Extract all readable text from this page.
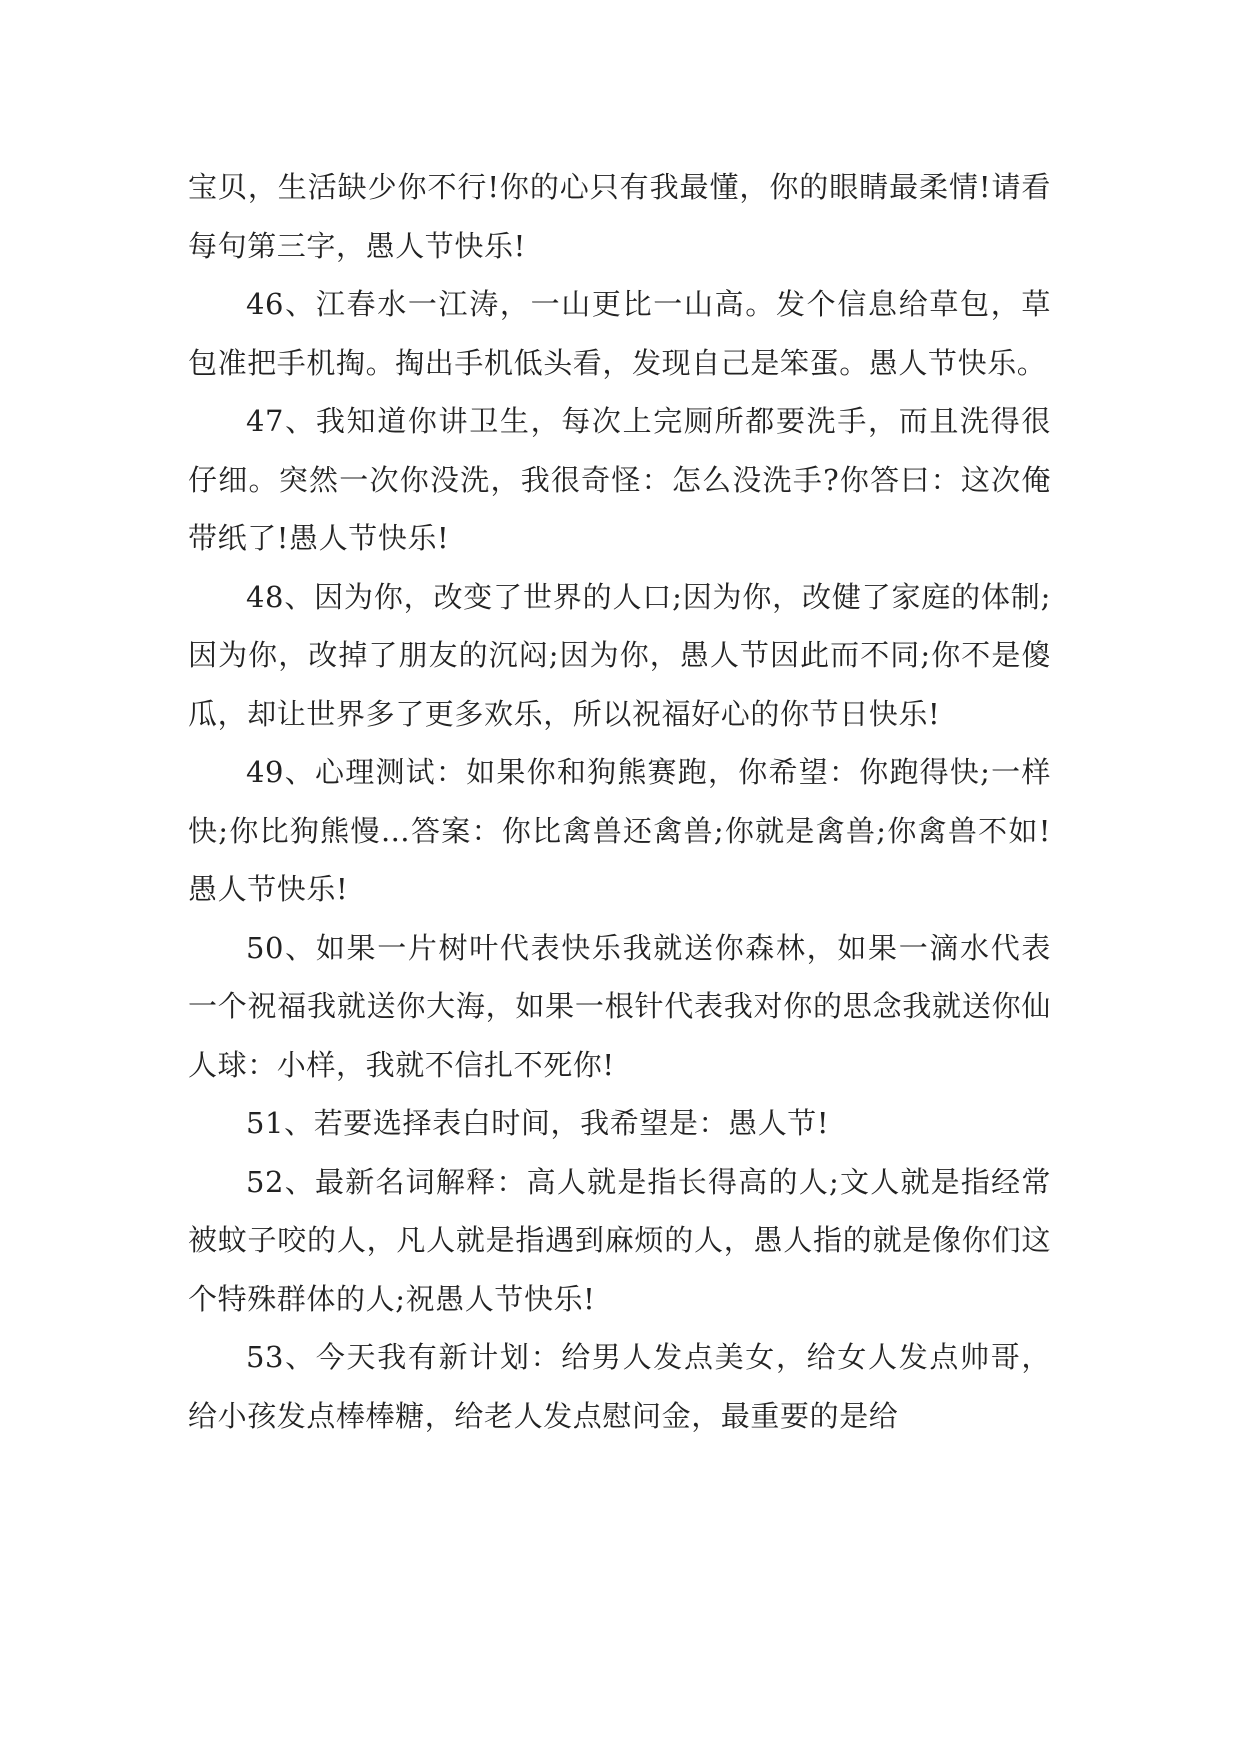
宝贝，生活缺少你不行!你的心只有我最懂，你的眼睛最柔情!请看每句第三字，愚人节快乐!

46、江春水一江涛，一山更比一山高。发个信息给草包，草包准把手机掏。掏出手机低头看，发现自己是笨蛋。愚人节快乐。

47、我知道你讲卫生，每次上完厕所都要洗手，而且洗得很仔细。突然一次你没洗，我很奇怪：怎么没洗手?你答曰：这次俺带纸了!愚人节快乐!

48、因为你，改变了世界的人口;因为你，改健了家庭的体制;因为你，改掉了朋友的沉闷;因为你，愚人节因此而不同;你不是傻瓜，却让世界多了更多欢乐，所以祝福好心的你节日快乐!

49、心理测试：如果你和狗熊赛跑，你希望：你跑得快;一样快;你比狗熊慢…答案：你比禽兽还禽兽;你就是禽兽;你禽兽不如!愚人节快乐!

50、如果一片树叶代表快乐我就送你森林，如果一滴水代表一个祝福我就送你大海，如果一根针代表我对你的思念我就送你仙人球：小样，我就不信扎不死你!

51、若要选择表白时间，我希望是：愚人节!

52、最新名词解释：高人就是指长得高的人;文人就是指经常被蚊子咬的人，凡人就是指遇到麻烦的人，愚人指的就是像你们这个特殊群体的人;祝愚人节快乐!

53、今天我有新计划：给男人发点美女，给女人发点帅哥，给小孩发点棒棒糖，给老人发点慰问金，最重要的是给
